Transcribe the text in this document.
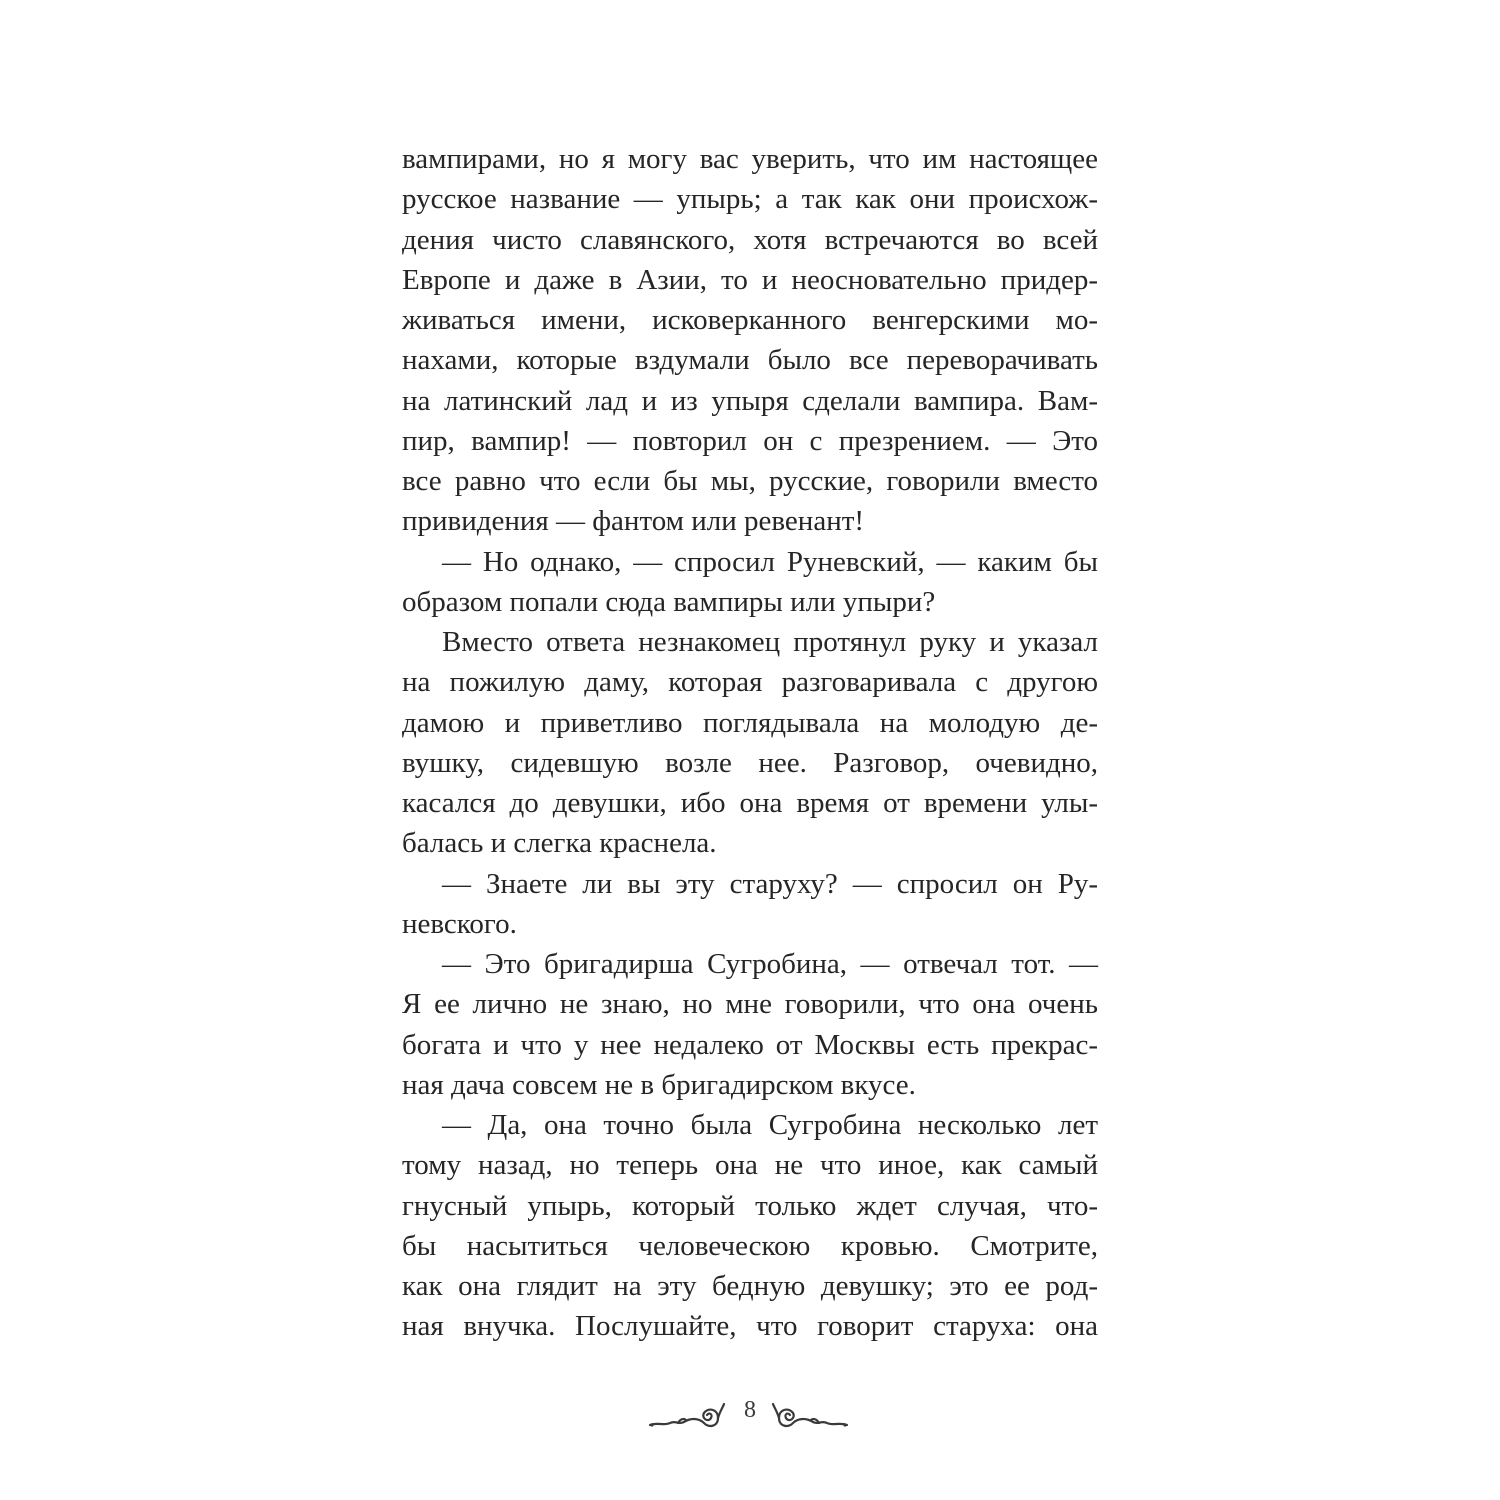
вампирами, но я могу вас уверить, что им настоящее
русское название — упырь; а так как они происхож-
дения чисто славянского, хотя встречаются во всей
Европе и даже в Азии, то и неосновательно придер-
живаться имени, исковерканного венгерскими мо-
нахами, которые вздумали было все переворачивать
на латинский лад и из упыря сделали вампира. Вам-
пир, вампир! — повторил он с презрением. — Это
все равно что если бы мы, русские, говорили вместо
привидения — фантом или ревенант!
— Но однако, — спросил Руневский, — каким бы
образом попали сюда вампиры или упыри?
Вместо ответа незнакомец протянул руку и указал
на пожилую даму, которая разговаривала с другою
дамою и приветливо поглядывала на молодую де-
вушку, сидевшую возле нее. Разговор, очевидно,
касался до девушки, ибо она время от времени улы-
балась и слегка краснела.
— Знаете ли вы эту старуху? — спросил он Ру-
невского.
— Это бригадирша Сугробина, — отвечал тот. —
Я ее лично не знаю, но мне говорили, что она очень
богата и что у нее недалеко от Москвы есть прекрас-
ная дача совсем не в бригадирском вкусе.
— Да, она точно была Сугробина несколько лет
тому назад, но теперь она не что иное, как самый
гнусный упырь, который только ждет случая, что-
бы насытиться человеческою кровью. Смотрите,
как она глядит на эту бедную девушку; это ее род-
ная внучка. Послушайте, что говорит старуха: она
8
